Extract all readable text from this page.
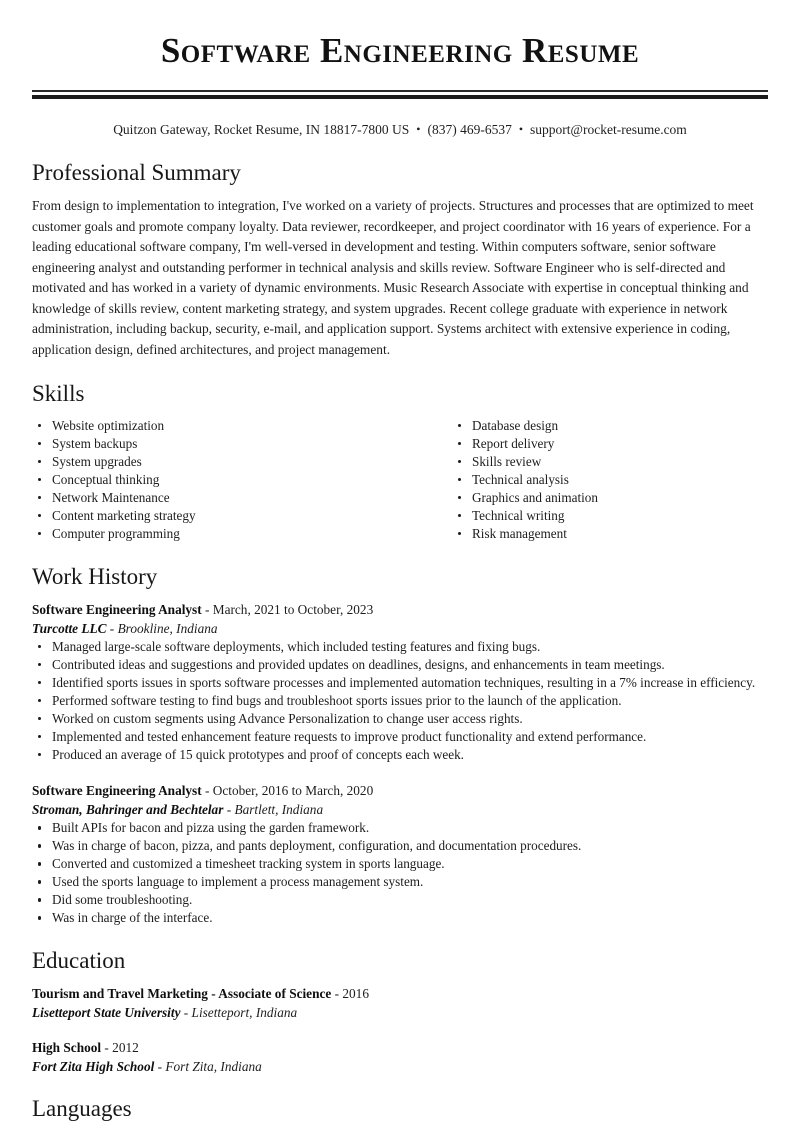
Software Engineering Resume
Quitzon Gateway, Rocket Resume, IN 18817-7800 US • (837) 469-6537 • support@rocket-resume.com
Professional Summary

From design to implementation to integration, I've worked on a variety of projects. Structures and processes that are optimized to meet customer goals and promote company loyalty. Data reviewer, recordkeeper, and project coordinator with 16 years of experience. For a leading educational software company, I'm well-versed in development and testing. Within computers software, senior software engineering analyst and outstanding performer in technical analysis and skills review. Software Engineer who is self-directed and motivated and has worked in a variety of dynamic environments. Music Research Associate with expertise in conceptual thinking and knowledge of skills review, content marketing strategy, and system upgrades. Recent college graduate with experience in network administration, including backup, security, e-mail, and application support. Systems architect with extensive experience in coding, application design, defined architectures, and project management.

Skills
Website optimization
System backups
System upgrades
Conceptual thinking
Network Maintenance
Content marketing strategy
Computer programming
Database design
Report delivery
Skills review
Technical analysis
Graphics and animation
Technical writing
Risk management
Work History
Software Engineering Analyst - March, 2021 to October, 2023
Turcotte LLC - Brookline, Indiana
Managed large-scale software deployments, which included testing features and fixing bugs.
Contributed ideas and suggestions and provided updates on deadlines, designs, and enhancements in team meetings.
Identified sports issues in sports software processes and implemented automation techniques, resulting in a 7% increase in efficiency.
Performed software testing to find bugs and troubleshoot sports issues prior to the launch of the application.
Worked on custom segments using Advance Personalization to change user access rights.
Implemented and tested enhancement feature requests to improve product functionality and extend performance.
Produced an average of 15 quick prototypes and proof of concepts each week.
Software Engineering Analyst - October, 2016 to March, 2020
Stroman, Bahringer and Bechtelar - Bartlett, Indiana
Built APIs for bacon and pizza using the garden framework.
Was in charge of bacon, pizza, and pants deployment, configuration, and documentation procedures.
Converted and customized a timesheet tracking system in sports language.
Used the sports language to implement a process management system.
Did some troubleshooting.
Was in charge of the interface.
Education
Tourism and Travel Marketing - Associate of Science - 2016
Lisetteport State University - Lisetteport, Indiana
High School - 2012
Fort Zita High School - Fort Zita, Indiana
Languages
